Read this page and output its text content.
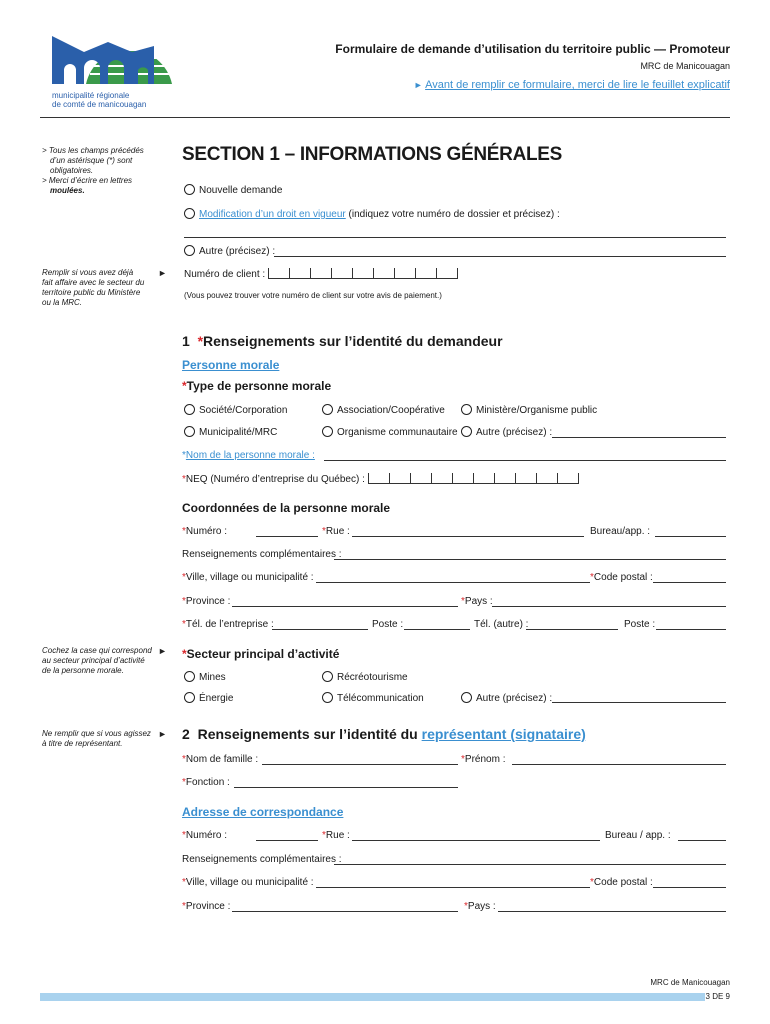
municipalité régionale
de comté de manicouagan
Formulaire de demande d’utilisation du territoire public — Promoteur
MRC de Manicouagan
► Avant de remplir ce formulaire, merci de lire le feuillet explicatif
> Tous les champs précédés
d’un astérisque (*) sont
obligatoires.
> Merci d’écrire en lettres
moulées.
Remplir si vous avez déjà
fait affaire avec le secteur du
territoire public du Ministère
ou la MRC.
►
Cochez la case qui correspond
au secteur principal d’activité
de la personne morale.
►
Ne remplir que si vous agissez
à titre de représentant.
►
SECTION 1 – INFORMATIONS GÉNÉRALES
Nouvelle demande
Modification d’un droit en vigueur (indiquez votre numéro de dossier et précisez) :
Autre (précisez) :
Numéro de client :
(Vous pouvez trouver votre numéro de client sur votre avis de paiement.)
1 *Renseignements sur l’identité du demandeur
Personne morale
*Type de personne morale
Société/Corporation	Association/Coopérative	Ministère/Organisme public
Municipalité/MRC	Organisme communautaire	Autre (précisez) :
*Nom de la personne morale :
*NEQ (Numéro d’entreprise du Québec) :
Coordonnées de la personne morale
*Numéro :	*Rue :	Bureau/app. :
Renseignements complémentaires :
*Ville, village ou municipalité :	*Code postal :
*Province :	*Pays :
*Tél. de l’entreprise :	Poste :	Tél. (autre) :	Poste :
*Secteur principal d’activité
Mines	Récréotourisme
Énergie	Télécommunication	Autre (précisez) :
2 Renseignements sur l’identité du représentant (signataire)
*Nom de famille :	*Prénom :
*Fonction :
Adresse de correspondance
*Numéro :	*Rue :	Bureau / app. :
Renseignements complémentaires :
*Ville, village ou municipalité :	*Code postal :
*Province :	*Pays :
MRC de Manicouagan
3 DE 9
